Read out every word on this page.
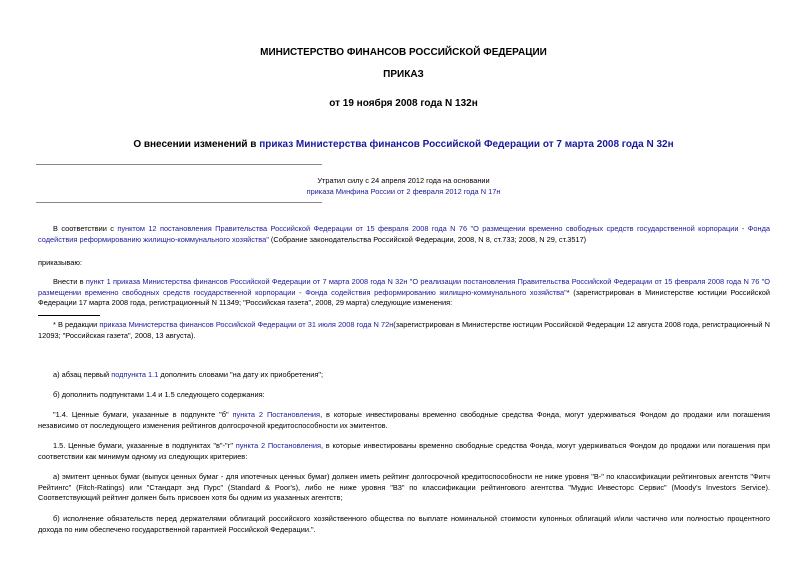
МИНИСТЕРСТВО ФИНАНСОВ РОССИЙСКОЙ ФЕДЕРАЦИИ
ПРИКАЗ
от 19 ноября 2008 года N 132н
О внесении изменений в приказ Министерства финансов Российской Федерации от 7 марта 2008 года N 32н
Утратил силу с 24 апреля 2012 года на основании
приказа Минфина России от 2 февраля 2012 года N 17н
В соответствии с пунктом 12 постановления Правительства Российской Федерации от 15 февраля 2008 года N 76 "О размещении временно свободных средств государственной корпорации - Фонда содействия реформированию жилищно-коммунального хозяйства" (Собрание законодательства Российской Федерации, 2008, N 8, ст.733; 2008, N 29, ст.3517)
приказываю:
Внести в пункт 1 приказа Министерства финансов Российской Федерации от 7 марта 2008 года N 32н "О реализации постановления Правительства Российской Федерации от 15 февраля 2008 года N 76 "О размещении временно свободных средств государственной корпорации - Фонда содействия реформированию жилищно-коммунального хозяйства"* (зарегистрирован в Министерстве юстиции Российской Федерации 17 марта 2008 года, регистрационный N 11349; "Российская газета", 2008, 29 марта) следующие изменения:
* В редакции приказа Министерства финансов Российской Федерации от 31 июля 2008 года N 72н(зарегистрирован в Министерстве юстиции Российской Федерации 12 августа 2008 года, регистрационный N 12093; "Российская газета", 2008, 13 августа).
а) абзац первый подпункта 1.1 дополнить словами "на дату их приобретения";
б) дополнить подпунктами 1.4 и 1.5 следующего содержания:
"1.4. Ценные бумаги, указанные в подпункте "б" пункта 2 Постановления, в которые инвестированы временно свободные средства Фонда, могут удерживаться Фондом до продажи или погашения независимо от последующего изменения рейтингов долгосрочной кредитоспособности их эмитентов.
1.5. Ценные бумаги, указанные в подпунктах "в"-"г" пункта 2 Постановления, в которые инвестированы временно свободные средства Фонда, могут удерживаться Фондом до продажи или погашения при соответствии как минимум одному из следующих критериев:
а) эмитент ценных бумаг (выпуск ценных бумаг - для ипотечных ценных бумаг) должен иметь рейтинг долгосрочной кредитоспособности не ниже уровня "B-" по классификации рейтинговых агентств "Фитч Рейтингс" (Fitch-Ratings) или "Стандарт энд Пурс" (Standard & Poor's), либо не ниже уровня "B3" по классификации рейтингового агентства "Мудис Инвесторс Сервис" (Moody's Investors Service). Соответствующий рейтинг должен быть присвоен хотя бы одним из указанных агентств;
б) исполнение обязательств перед держателями облигаций российского хозяйственного общества по выплате номинальной стоимости купонных облигаций и/или частично или полностью процентного дохода по ним обеспечено государственной гарантией Российской Федерации.".
